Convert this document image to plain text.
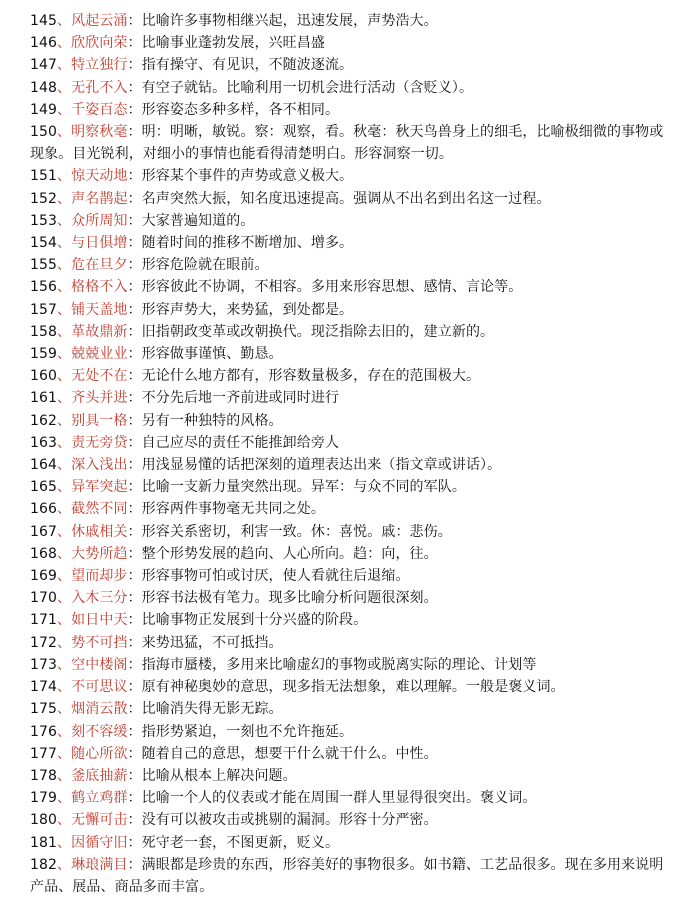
145、风起云涌：比喻许多事物相继兴起，迅速发展，声势浩大。
146、欣欣向荣：比喻事业蓬勃发展，兴旺昌盛
147、特立独行：指有操守、有见识，不随波逐流。
148、无孔不入：有空子就钻。比喻利用一切机会进行活动（含贬义）。
149、千姿百态：形容姿态多种多样，各不相同。
150、明察秋毫：明：明晰，敏锐。察：观察，看。秋毫：秋天鸟兽身上的细毛，比喻极细微的事物或现象。目光锐利，对细小的事情也能看得清楚明白。形容洞察一切。
151、惊天动地：形容某个事件的声势或意义极大。
152、声名鹊起：名声突然大振，知名度迅速提高。强调从不出名到出名这一过程。
153、众所周知：大家普遍知道的。
154、与日俱增：随着时间的推移不断增加、增多。
155、危在旦夕：形容危险就在眼前。
156、格格不入：形容彼此不协调，不相容。多用来形容思想、感情、言论等。
157、铺天盖地：形容声势大，来势猛，到处都是。
158、革故鼎新：旧指朝政变革或改朝换代。现泛指除去旧的，建立新的。
159、兢兢业业：形容做事谨慎、勤恳。
160、无处不在：无论什么地方都有，形容数量极多，存在的范围极大。
161、齐头并进：不分先后地一齐前进或同时进行
162、别具一格：另有一种独特的风格。
163、责无旁贷：自己应尽的责任不能推卸给旁人
164、深入浅出：用浅显易懂的话把深刻的道理表达出来（指文章或讲话）。
165、异军突起：比喻一支新力量突然出现。异军：与众不同的军队。
166、截然不同：形容两件事物毫无共同之处。
167、休戚相关：形容关系密切，利害一致。休：喜悦。戚：悲伤。
168、大势所趋：整个形势发展的趋向、人心所向。趋：向，往。
169、望而却步：形容事物可怕或讨厌，使人看就往后退缩。
170、入木三分：形容书法极有笔力。现多比喻分析问题很深刻。
171、如日中天：比喻事物正发展到十分兴盛的阶段。
172、势不可挡：来势迅猛，不可抵挡。
173、空中楼阁：指海市蜃楼，多用来比喻虚幻的事物或脱离实际的理论、计划等
174、不可思议：原有神秘奥妙的意思，现多指无法想象，难以理解。一般是褒义词。
175、烟消云散：比喻消失得无影无踪。
176、刻不容缓：指形势紧迫，一刻也不允许拖延。
177、随心所欲：随着自己的意思，想要干什么就干什么。中性。
178、釜底抽薪：比喻从根本上解决问题。
179、鹤立鸡群：比喻一个人的仪表或才能在周围一群人里显得很突出。褒义词。
180、无懈可击：没有可以被攻击或挑剔的漏洞。形容十分严密。
181、因循守旧：死守老一套，不图更新，贬义。
182、琳琅满目：满眼都是珍贵的东西，形容美好的事物很多。如书籍、工艺品很多。现在多用来说明产品、展品、商品多而丰富。
